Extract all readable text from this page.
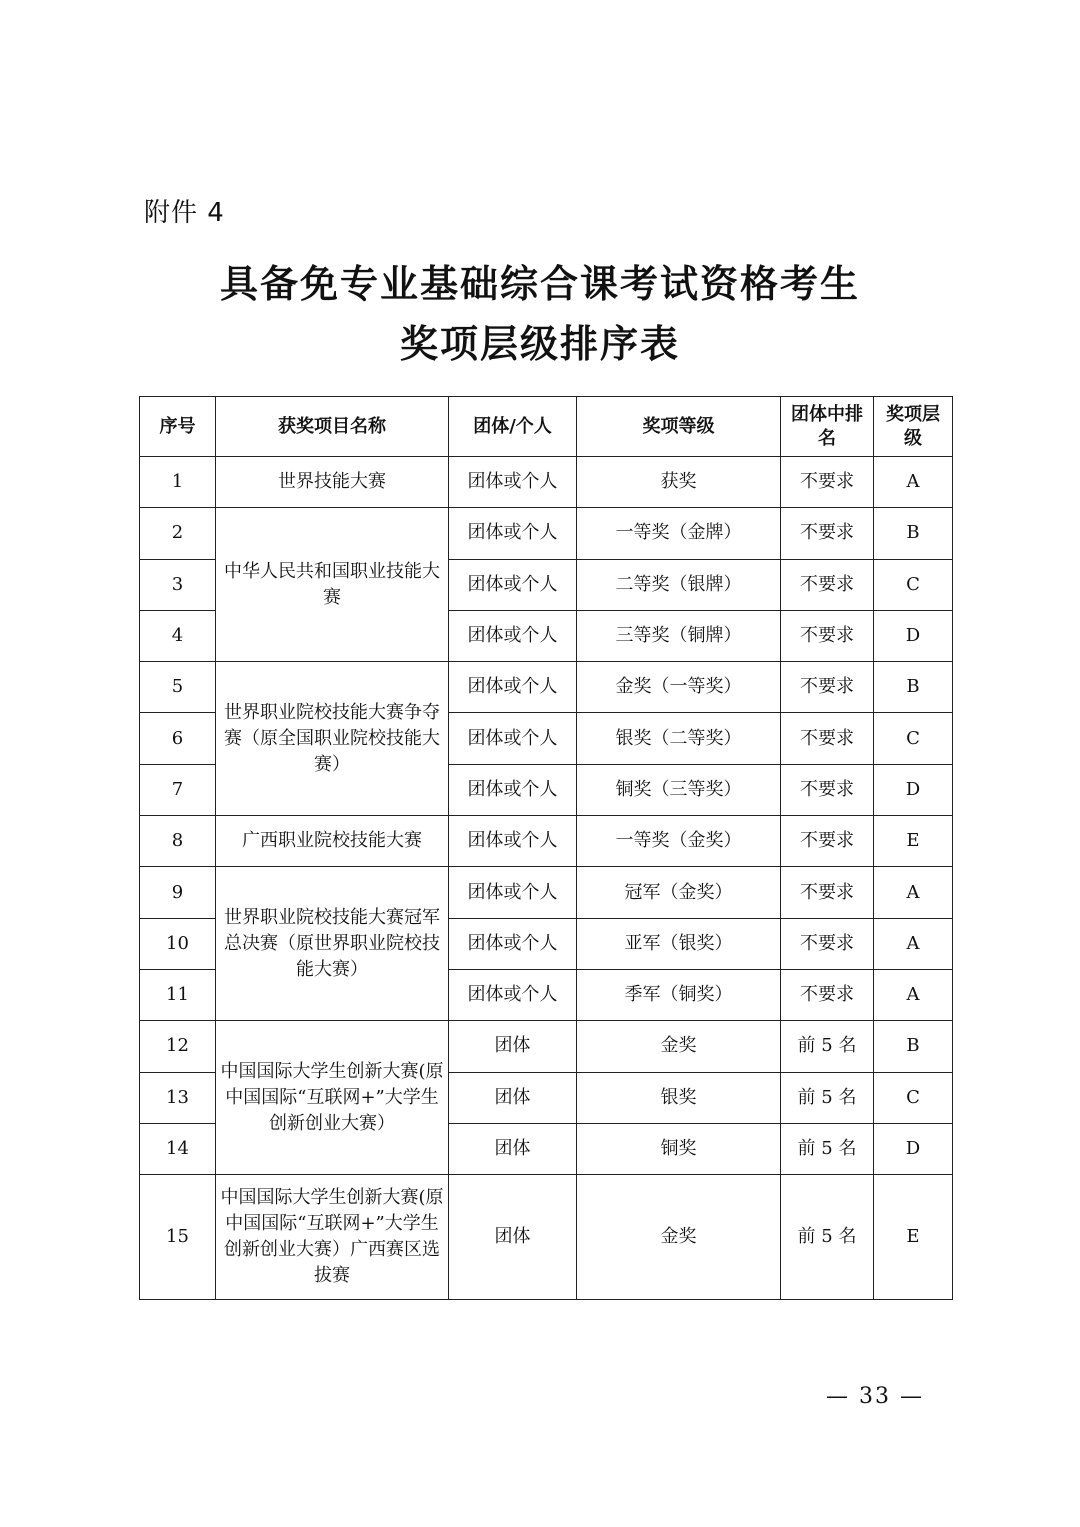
附件 4
具备免专业基础综合课考试资格考生
奖项层级排序表
序号	获奖项目名称	团体/个人	奖项等级	团体中排名	奖项层级
1	世界技能大赛	团体或个人	获奖	不要求	A
2	中华人民共和国职业技能大赛	团体或个人	一等奖（金牌）	不要求	B
3		团体或个人	二等奖（银牌）	不要求	C
4		团体或个人	三等奖（铜牌）	不要求	D
5	世界职业院校技能大赛争夺赛（原全国职业院校技能大赛）	团体或个人	金奖（一等奖）	不要求	B
6		团体或个人	银奖（二等奖）	不要求	C
7		团体或个人	铜奖（三等奖）	不要求	D
8	广西职业院校技能大赛	团体或个人	一等奖（金奖）	不要求	E
9	世界职业院校技能大赛冠军总决赛（原世界职业院校技能大赛）	团体或个人	冠军（金奖）	不要求	A
10		团体或个人	亚军（银奖）	不要求	A
11		团体或个人	季军（铜奖）	不要求	A
12	中国国际大学生创新大赛(原中国国际“互联网+”大学生创新创业大赛）	团体	金奖	前 5 名	B
13		团体	银奖	前 5 名	C
14		团体	铜奖	前 5 名	D
15	中国国际大学生创新大赛(原中国国际“互联网+”大学生创新创业大赛）广西赛区选拔赛	团体	金奖	前 5 名	E
— 33 —
